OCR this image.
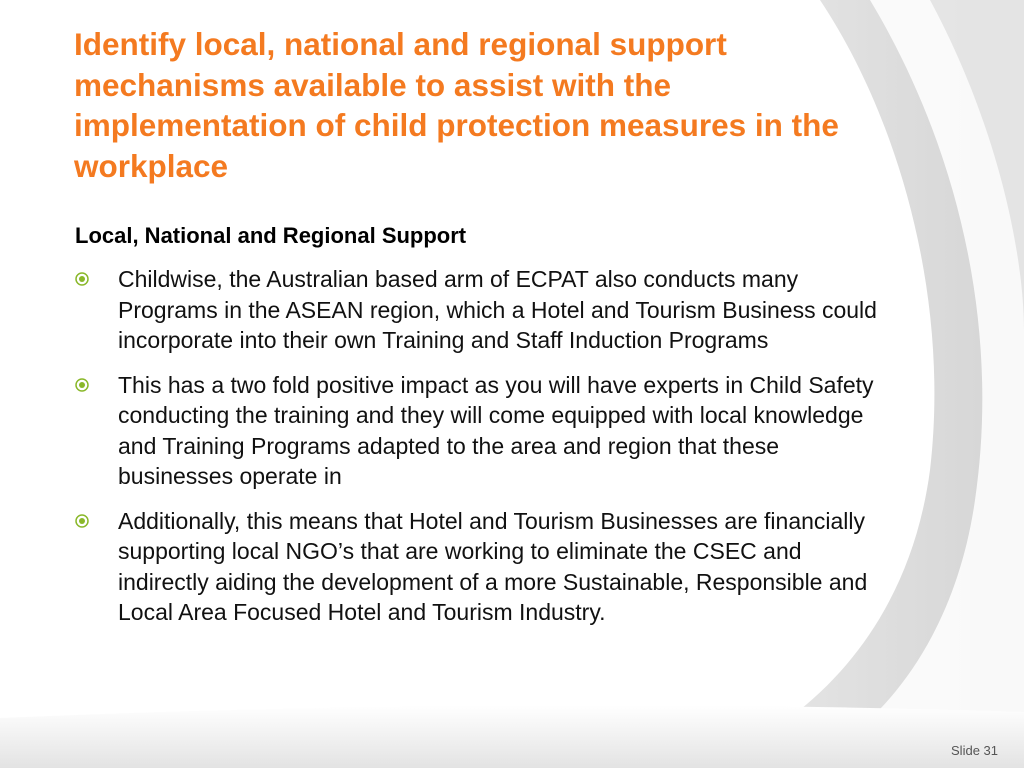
Identify local, national and regional support mechanisms available to assist with the implementation of child protection measures in the workplace
Local, National and Regional Support
Childwise, the Australian based arm of ECPAT also conducts many Programs in the ASEAN region, which a Hotel and Tourism Business could incorporate into their own Training and Staff Induction Programs
This has a two fold positive impact as you will have experts in Child Safety conducting the training and they will come equipped with local knowledge and Training Programs adapted to the area and region that these businesses operate in
Additionally, this means that Hotel and Tourism Businesses are financially supporting local NGO’s that are working to eliminate the CSEC and indirectly aiding the development of a more Sustainable, Responsible and Local Area Focused Hotel and Tourism Industry.
Slide 31
